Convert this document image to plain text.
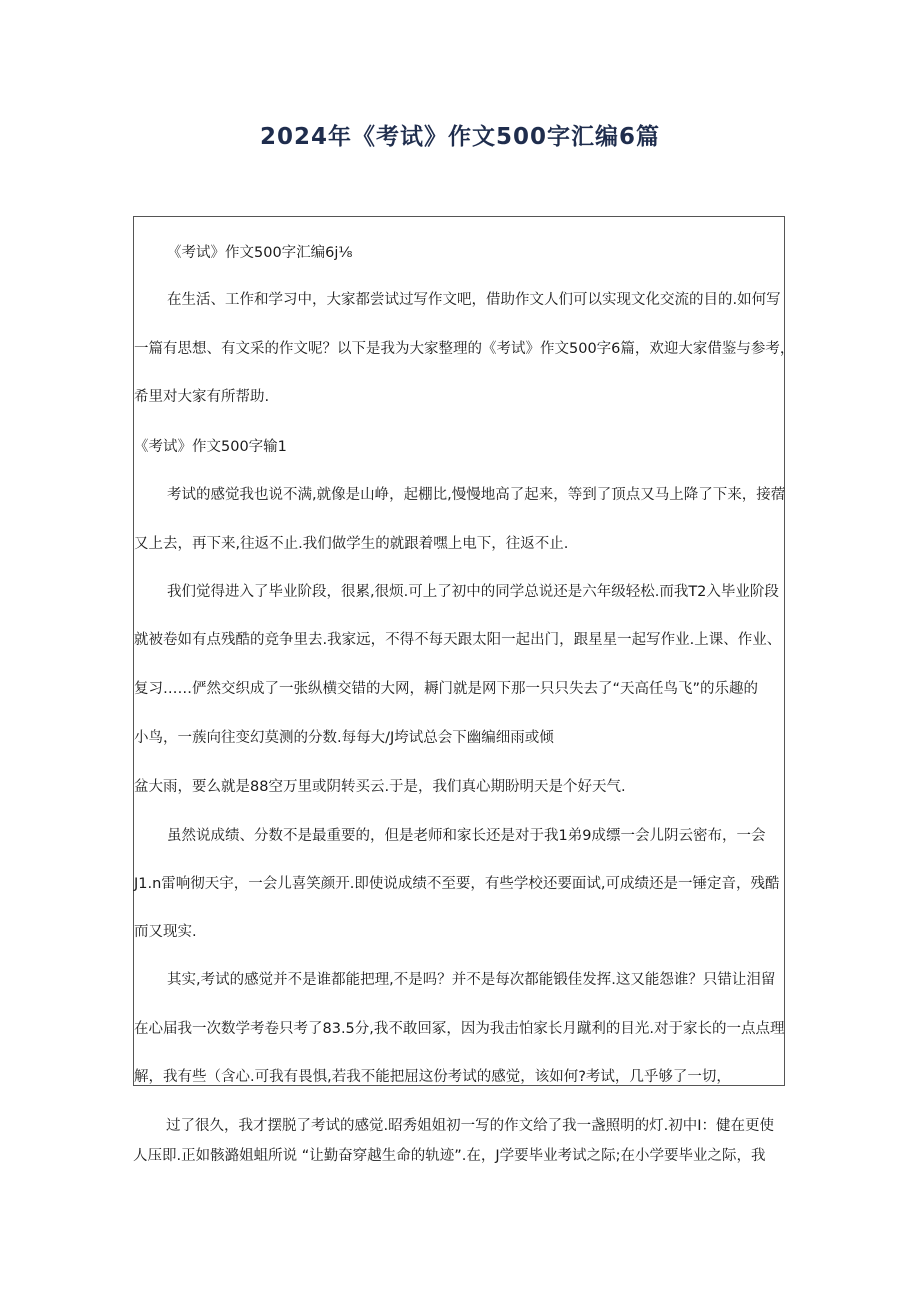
2024年《考试》作文500字汇编6篇

《考试》作文500字汇编6j⅛

在生活、工作和学习中，大家都尝试过写作文吧，借助作文人们可以实现文化交流的目的.如何写

一篇有思想、有文采的作文呢？以下是我为大家整理的《考试》作文500字6篇，欢迎大家借鉴与参考，

希里对大家有所帮助.

《考试》作文500字输1

考试的感觉我也说不满,就像是山峥，起棚比,慢慢地高了起来，等到了顶点又马上降了下来，接蓿

又上去，再下来,往返不止.我们做学生的就跟着嘿上电下，往返不止.

我们觉得进入了毕业阶段，很累,很烦.可上了初中的同学总说还是六年级轻松.而我T2入毕业阶段

就被卷如有点残酷的竞争里去.我家远，不得不每天跟太阳一起出门，跟星星一起写作业.上课、作业、

复习……俨然交织成了一张纵横交错的大网，耨门就是网下那一只只失去了“天高任鸟飞”的乐趣的

小鸟，一蔟向往变幻莫测的分数.每每大/J垮试总会下幽编细雨或倾

盆大雨，要么就是88空万里或阴转买云.于是，我们真心期盼明天是个好天气.

虽然说成绩、分数不是最重要的，但是老师和家长还是对于我1弟9成缥一会儿阴云密布，一会

J1.n雷响彻天宇，一会儿喜笑颜开.即使说成绩不至要，有些学校还要面试,可成绩还是一锤定音，残酷

而又现实.

其实,考试的感觉并不是谁都能把理,不是吗？并不是每次都能锻佳发挥.这又能怨谁？只错让泪留

在心届我一次数学考卷只考了83.5分,我不敢回冢，因为我击怕家长月蹴利的目光.对于家长的一点点理

解，我有些（含心.可我有畏惧,若我不能把屈这份考试的感觉，该如何?考试，几乎够了一切，

过了很久，我才摆脱了考试的感觉.昭秀姐姐初一写的作文给了我一盏照明的灯.初中I：健在更使

人压即.正如骸潞姐蛆所说 “让勤奋穿越生命的轨迹”.在，J学要毕业考试之际;在小学要毕业之际，我
